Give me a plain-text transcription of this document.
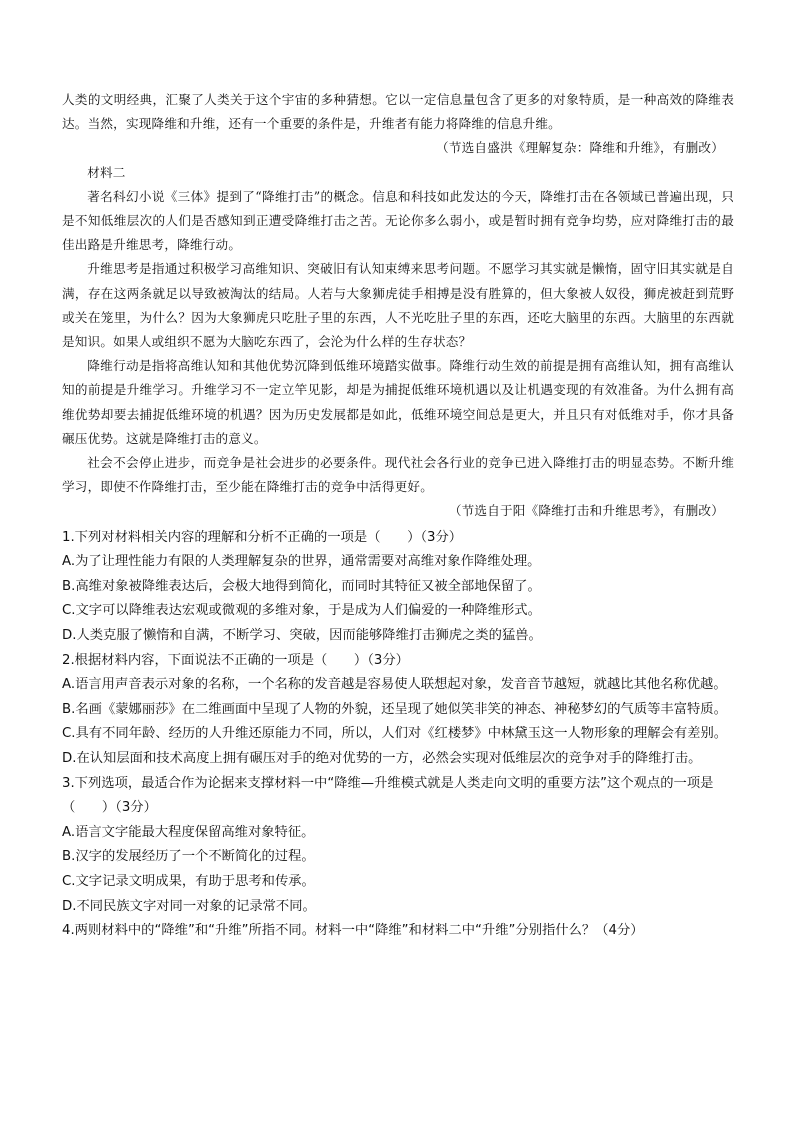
人类的文明经典，汇聚了人类关于这个宇宙的多种猜想。它以一定信息量包含了更多的对象特质，是一种高效的降维表达。当然，实现降维和升维，还有一个重要的条件是，升维者有能力将降维的信息升维。

（节选自盛洪《理解复杂：降维和升维》，有删改）

材料二

著名科幻小说《三体》提到了“降维打击”的概念。信息和科技如此发达的今天，降维打击在各领域已普遍出现，只是不知低维层次的人们是否感知到正遭受降维打击之苦。无论你多么弱小，或是暂时拥有竞争均势，应对降维打击的最佳出路是升维思考，降维行动。

升维思考是指通过积极学习高维知识、突破旧有认知束缚来思考问题。不愿学习其实就是懒惰，固守旧其实就是自满，存在这两条就足以导致被淘汰的结局。人若与大象狮虎徒手相搏是没有胜算的，但大象被人奴役，狮虎被赶到荒野或关在笼里，为什么？因为大象狮虎只吃肚子里的东西，人不光吃肚子里的东西，还吃大脑里的东西。大脑里的东西就是知识。如果人或组织不愿为大脑吃东西了，会沦为什么样的生存状态？

降维行动是指将高维认知和其他优势沉降到低维环境踏实做事。降维行动生效的前提是拥有高维认知，拥有高维认知的前提是升维学习。升维学习不一定立竿见影，却是为捕捉低维环境机遇以及让机遇变现的有效准备。为什么拥有高维优势却要去捕捉低维环境的机遇？因为历史发展都是如此，低维环境空间总是更大，并且只有对低维对手，你才具备碾压优势。这就是降维打击的意义。

社会不会停止进步，而竞争是社会进步的必要条件。现代社会各行业的竞争已进入降维打击的明显态势。不断升维学习，即使不作降维打击，至少能在降维打击的竞争中活得更好。

（节选自于阳《降维打击和升维思考》，有删改）

1.下列对材料相关内容的理解和分析不正确的一项是（　　）（3分）

A.为了让理性能力有限的人类理解复杂的世界，通常需要对高维对象作降维处理。

B.高维对象被降维表达后，会极大地得到简化，而同时其特征又被全部地保留了。

C.文字可以降维表达宏观或微观的多维对象，于是成为人们偏爱的一种降维形式。

D.人类克服了懒惰和自满，不断学习、突破，因而能够降维打击狮虎之类的猛兽。

2.根据材料内容，下面说法不正确的一项是（　　）（3分）

A.语言用声音表示对象的名称，一个名称的发音越是容易使人联想起对象，发音音节越短，就越比其他名称优越。

B.名画《蒙娜丽莎》在二维画面中呈现了人物的外貌，还呈现了她似笑非笑的神态、神秘梦幻的气质等丰富特质。

C.具有不同年龄、经历的人升维还原能力不同，所以，人们对《红楼梦》中林黛玉这一人物形象的理解会有差别。

D.在认知层面和技术高度上拥有碾压对手的绝对优势的一方，必然会实现对低维层次的竞争对手的降维打击。

3.下列选项，最适合作为论据来支撑材料一中“降维—升维模式就是人类走向文明的重要方法”这个观点的一项是（　　）（3分）

A.语言文字能最大程度保留高维对象特征。

B.汉字的发展经历了一个不断简化的过程。

C.文字记录文明成果，有助于思考和传承。

D.不同民族文字对同一对象的记录常不同。

4.两则材料中的“降维”和“升维”所指不同。材料一中“降维”和材料二中“升维”分别指什么？（4分）
